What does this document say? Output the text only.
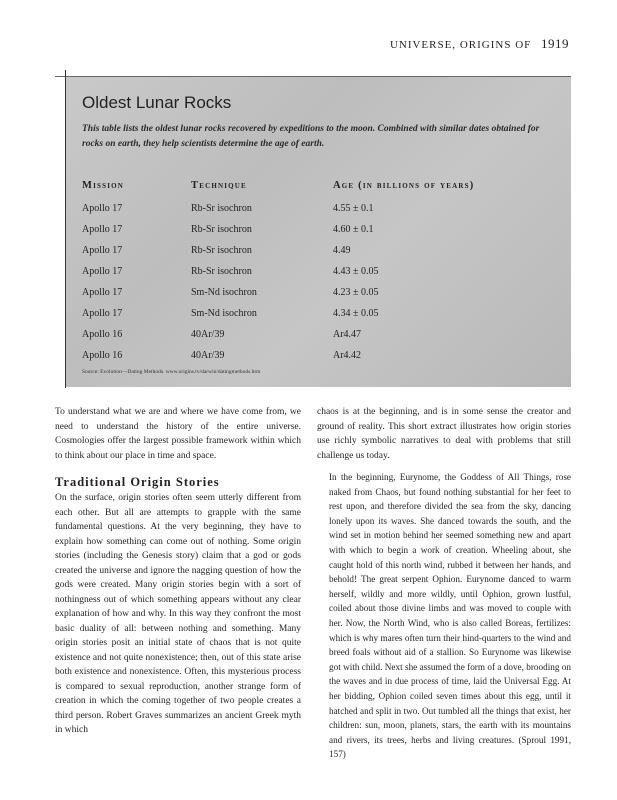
UNIVERSE, ORIGINS OF 1919
Oldest Lunar Rocks
This table lists the oldest lunar rocks recovered by expeditions to the moon. Combined with similar dates obtained for rocks on earth, they help scientists determine the age of earth.
Mission	Technique	Age (in billions of years)
Apollo 17	Rb-Sr isochron	4.55 ± 0.1
Apollo 17	Rb-Sr isochron	4.60 ± 0.1
Apollo 17	Rb-Sr isochron	4.49
Apollo 17	Rb-Sr isochron	4.43 ± 0.05
Apollo 17	Sm-Nd isochron	4.23 ± 0.05
Apollo 17	Sm-Nd isochron	4.34 ± 0.05
Apollo 16	40Ar/39	Ar4.47
Apollo 16	40Ar/39	Ar4.42
Source: Evolution—Dating Methods. www.origins.tv/darwin/datingmethods.htm

To understand what we are and where we have come from, we need to understand the history of the entire universe. Cosmologies offer the largest possible framework within which to think about our place in time and space.

Traditional Origin Stories

On the surface, origin stories often seem utterly different from each other. But all are attempts to grapple with the same fundamental questions. At the very beginning, they have to explain how something can come out of nothing. Some origin stories (including the Genesis story) claim that a god or gods created the universe and ignore the nagging question of how the gods were created. Many origin stories begin with a sort of nothingness out of which something appears without any clear explanation of how and why. In this way they confront the most basic duality of all: between nothing and something. Many origin stories posit an initial state of chaos that is not quite existence and not quite nonexistence; then, out of this state arise both existence and nonexistence. Often, this mysterious process is compared to sexual reproduction, another strange form of creation in which the coming together of two people creates a third person. Robert Graves summarizes an ancient Greek myth in which

chaos is at the beginning, and is in some sense the creator and ground of reality. This short extract illustrates how origin stories use richly symbolic narratives to deal with problems that still challenge us today.

In the beginning, Eurynome, the Goddess of All Things, rose naked from Chaos, but found nothing substantial for her feet to rest upon, and therefore divided the sea from the sky, dancing lonely upon its waves. She danced towards the south, and the wind set in motion behind her seemed something new and apart with which to begin a work of creation. Wheeling about, she caught hold of this north wind, rubbed it between her hands, and behold! The great serpent Ophion. Eurynome danced to warm herself, wildly and more wildly, until Ophion, grown lustful, coiled about those divine limbs and was moved to couple with her. Now, the North Wind, who is also called Boreas, fertilizes: which is why mares often turn their hind-quarters to the wind and breed foals without aid of a stallion. So Eurynome was likewise got with child. Next she assumed the form of a dove, brooding on the waves and in due process of time, laid the Universal Egg. At her bidding, Ophion coiled seven times about this egg, until it hatched and split in two. Out tumbled all the things that exist, her children: sun, moon, planets, stars, the earth with its mountains and rivers, its trees, herbs and living creatures. (Sproul 1991, 157)
